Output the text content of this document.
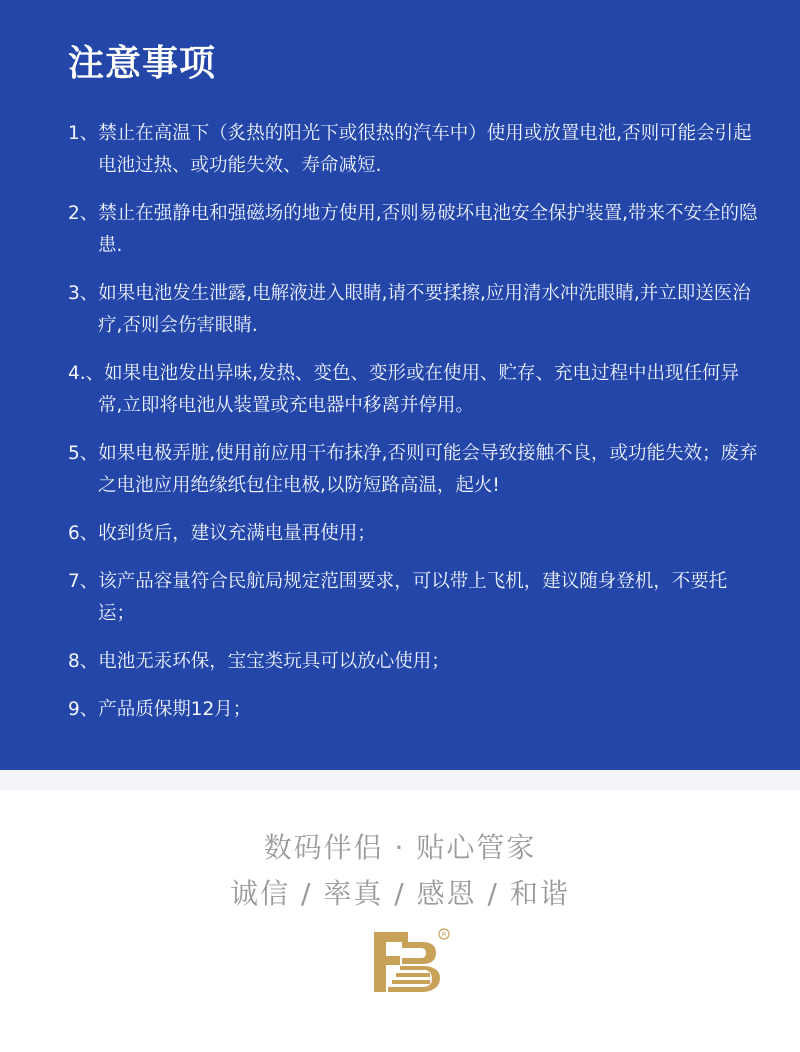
注意事项
1、禁止在高温下（炙热的阳光下或很热的汽车中）使用或放置电池,否则可能会引起电池过热、或功能失效、寿命减短.
2、禁止在强静电和强磁场的地方使用,否则易破坏电池安全保护装置,带来不安全的隐患.
3、如果电池发生泄露,电解液进入眼睛,请不要揉擦,应用清水冲洗眼睛,并立即送医治疗,否则会伤害眼睛.
4.、如果电池发出异味,发热、变色、变形或在使用、贮存、充电过程中出现任何异常,立即将电池从装置或充电器中移离并停用。
5、如果电极弄脏,使用前应用干布抹净,否则可能会导致接触不良，或功能失效；废弃之电池应用绝缘纸包住电极,以防短路高温，起火!
6、收到货后，建议充满电量再使用；
7、该产品容量符合民航局规定范围要求，可以带上飞机，建议随身登机，不要托运；
8、电池无汞环保，宝宝类玩具可以放心使用；
9、产品质保期12月；
数码伴侣 · 贴心管家
诚信 / 率真 / 感恩 / 和谐
R
